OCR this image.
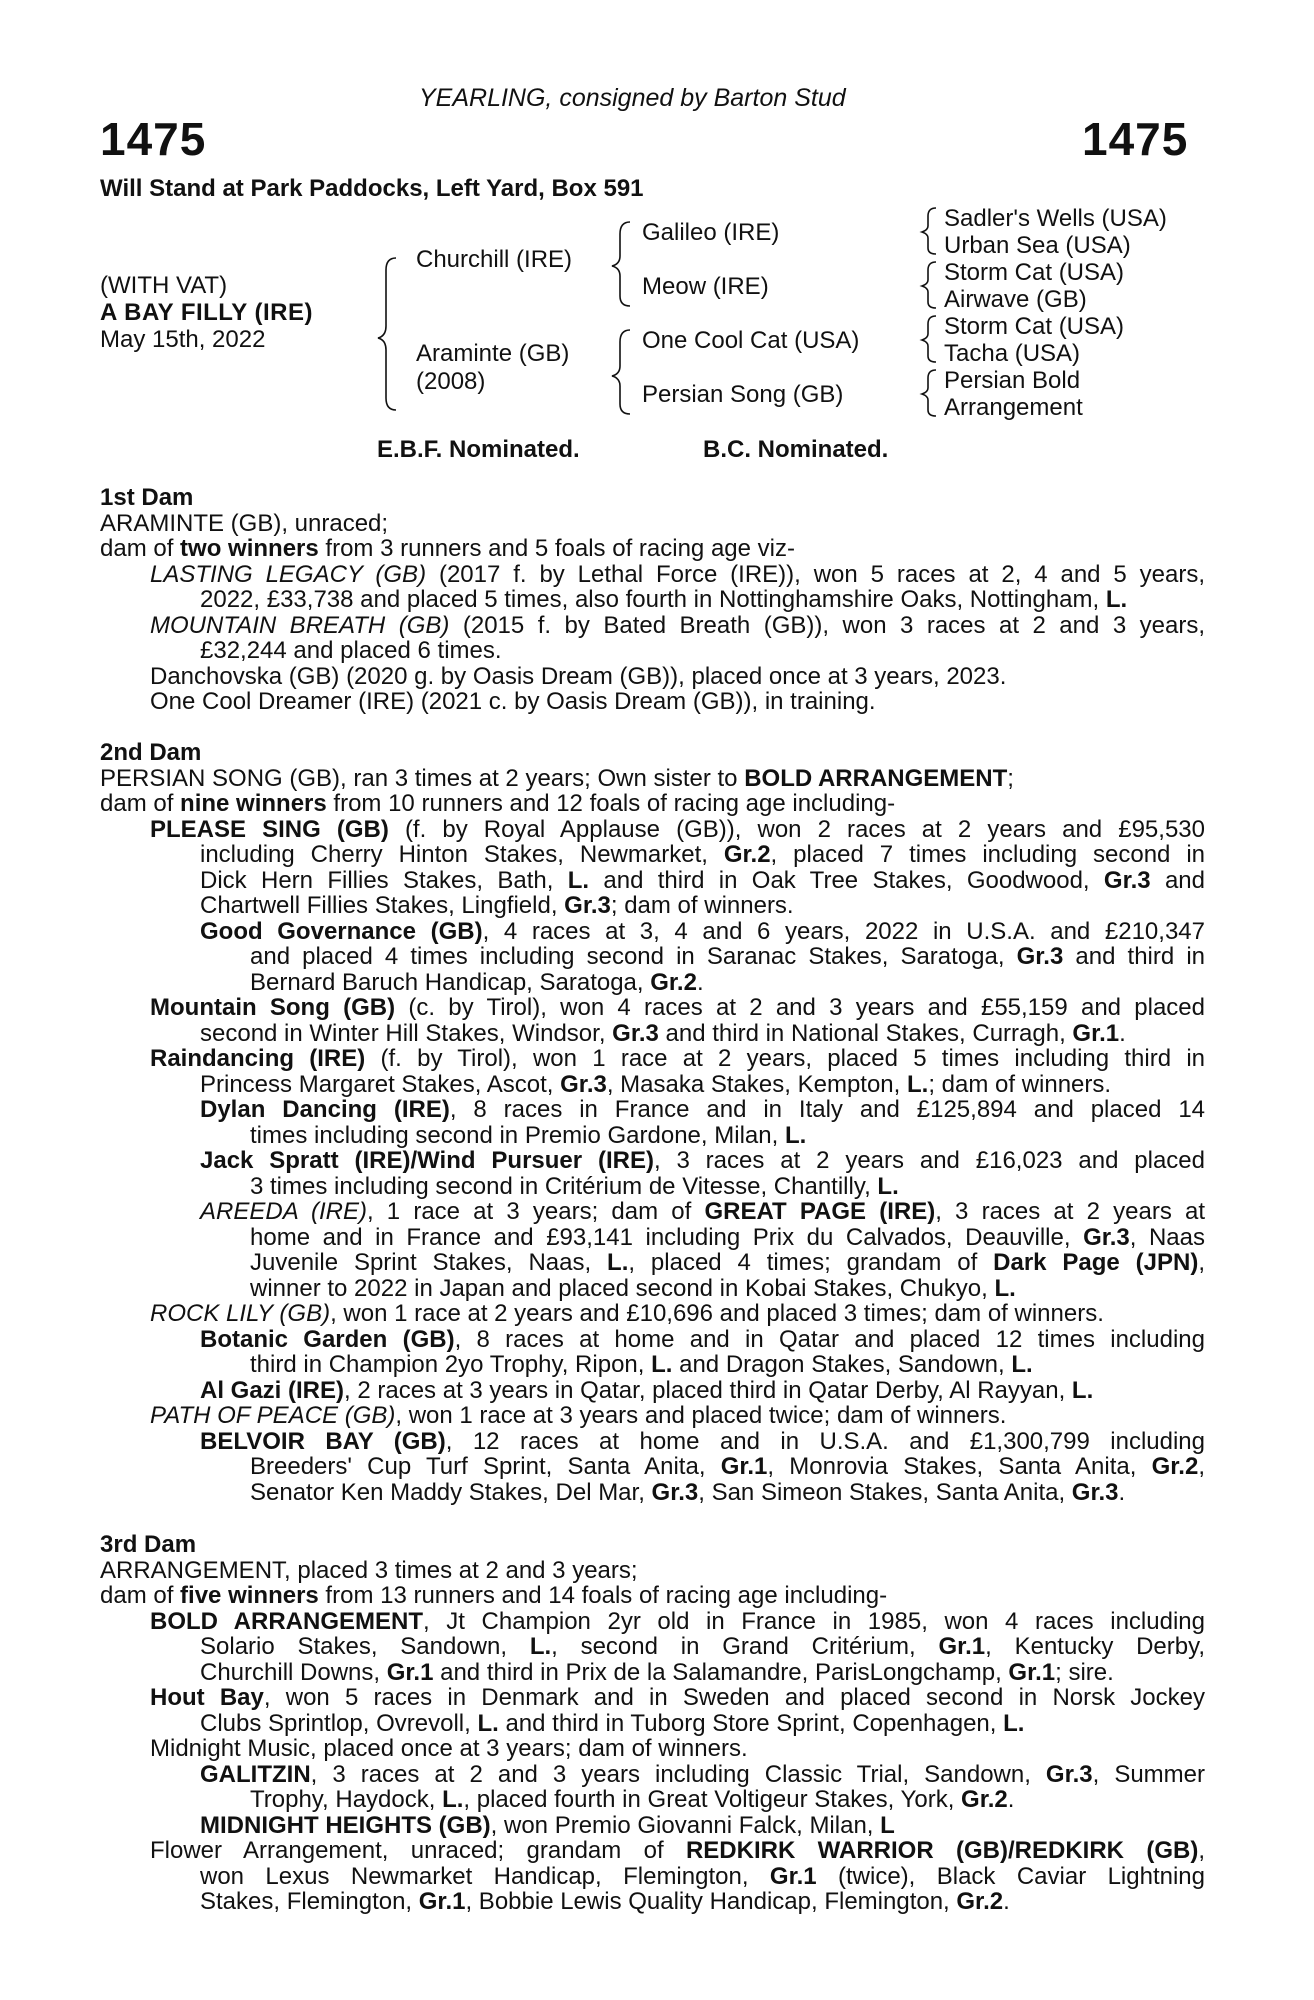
YEARLING, consigned by Barton Stud
1475	1475
Will Stand at Park Paddocks, Left Yard, Box 591
(WITH VAT)
A BAY FILLY (IRE)
May 15th, 2022
Churchill (IRE)
Araminte (GB)
(2008)
Galileo (IRE)
Meow (IRE)
One Cool Cat (USA)
Persian Song (GB)
Sadler's Wells (USA)
Urban Sea (USA)
Storm Cat (USA)
Airwave (GB)
Storm Cat (USA)
Tacha (USA)
Persian Bold
Arrangement
E.B.F. Nominated.	B.C. Nominated.
1st Dam
ARAMINTE (GB), unraced;
dam of two winners from 3 runners and 5 foals of racing age viz-
LASTING LEGACY (GB) (2017 f. by Lethal Force (IRE)), won 5 races at 2, 4 and 5 years,
2022, £33,738 and placed 5 times, also fourth in Nottinghamshire Oaks, Nottingham, L.
MOUNTAIN BREATH (GB) (2015 f. by Bated Breath (GB)), won 3 races at 2 and 3 years,
£32,244 and placed 6 times.
Danchovska (GB) (2020 g. by Oasis Dream (GB)), placed once at 3 years, 2023.
One Cool Dreamer (IRE) (2021 c. by Oasis Dream (GB)), in training.
2nd Dam
PERSIAN SONG (GB), ran 3 times at 2 years; Own sister to BOLD ARRANGEMENT;
dam of nine winners from 10 runners and 12 foals of racing age including-
PLEASE SING (GB) (f. by Royal Applause (GB)), won 2 races at 2 years and £95,530
including Cherry Hinton Stakes, Newmarket, Gr.2, placed 7 times including second in
Dick Hern Fillies Stakes, Bath, L. and third in Oak Tree Stakes, Goodwood, Gr.3 and
Chartwell Fillies Stakes, Lingfield, Gr.3; dam of winners.
Good Governance (GB), 4 races at 3, 4 and 6 years, 2022 in U.S.A. and £210,347
and placed 4 times including second in Saranac Stakes, Saratoga, Gr.3 and third in
Bernard Baruch Handicap, Saratoga, Gr.2.
Mountain Song (GB) (c. by Tirol), won 4 races at 2 and 3 years and £55,159 and placed
second in Winter Hill Stakes, Windsor, Gr.3 and third in National Stakes, Curragh, Gr.1.
Raindancing (IRE) (f. by Tirol), won 1 race at 2 years, placed 5 times including third in
Princess Margaret Stakes, Ascot, Gr.3, Masaka Stakes, Kempton, L.; dam of winners.
Dylan Dancing (IRE), 8 races in France and in Italy and £125,894 and placed 14
times including second in Premio Gardone, Milan, L.
Jack Spratt (IRE)/Wind Pursuer (IRE), 3 races at 2 years and £16,023 and placed
3 times including second in Critérium de Vitesse, Chantilly, L.
AREEDA (IRE), 1 race at 3 years; dam of GREAT PAGE (IRE), 3 races at 2 years at
home and in France and £93,141 including Prix du Calvados, Deauville, Gr.3, Naas
Juvenile Sprint Stakes, Naas, L., placed 4 times; grandam of Dark Page (JPN),
winner to 2022 in Japan and placed second in Kobai Stakes, Chukyo, L.
ROCK LILY (GB), won 1 race at 2 years and £10,696 and placed 3 times; dam of winners.
Botanic Garden (GB), 8 races at home and in Qatar and placed 12 times including
third in Champion 2yo Trophy, Ripon, L. and Dragon Stakes, Sandown, L.
Al Gazi (IRE), 2 races at 3 years in Qatar, placed third in Qatar Derby, Al Rayyan, L.
PATH OF PEACE (GB), won 1 race at 3 years and placed twice; dam of winners.
BELVOIR BAY (GB), 12 races at home and in U.S.A. and £1,300,799 including
Breeders' Cup Turf Sprint, Santa Anita, Gr.1, Monrovia Stakes, Santa Anita, Gr.2,
Senator Ken Maddy Stakes, Del Mar, Gr.3, San Simeon Stakes, Santa Anita, Gr.3.
3rd Dam
ARRANGEMENT, placed 3 times at 2 and 3 years;
dam of five winners from 13 runners and 14 foals of racing age including-
BOLD ARRANGEMENT, Jt Champion 2yr old in France in 1985, won 4 races including
Solario Stakes, Sandown, L., second in Grand Critérium, Gr.1, Kentucky Derby,
Churchill Downs, Gr.1 and third in Prix de la Salamandre, ParisLongchamp, Gr.1; sire.
Hout Bay, won 5 races in Denmark and in Sweden and placed second in Norsk Jockey
Clubs Sprintlop, Ovrevoll, L. and third in Tuborg Store Sprint, Copenhagen, L.
Midnight Music, placed once at 3 years; dam of winners.
GALITZIN, 3 races at 2 and 3 years including Classic Trial, Sandown, Gr.3, Summer
Trophy, Haydock, L., placed fourth in Great Voltigeur Stakes, York, Gr.2.
MIDNIGHT HEIGHTS (GB), won Premio Giovanni Falck, Milan, L
Flower Arrangement, unraced; grandam of REDKIRK WARRIOR (GB)/REDKIRK (GB),
won Lexus Newmarket Handicap, Flemington, Gr.1 (twice), Black Caviar Lightning
Stakes, Flemington, Gr.1, Bobbie Lewis Quality Handicap, Flemington, Gr.2.
